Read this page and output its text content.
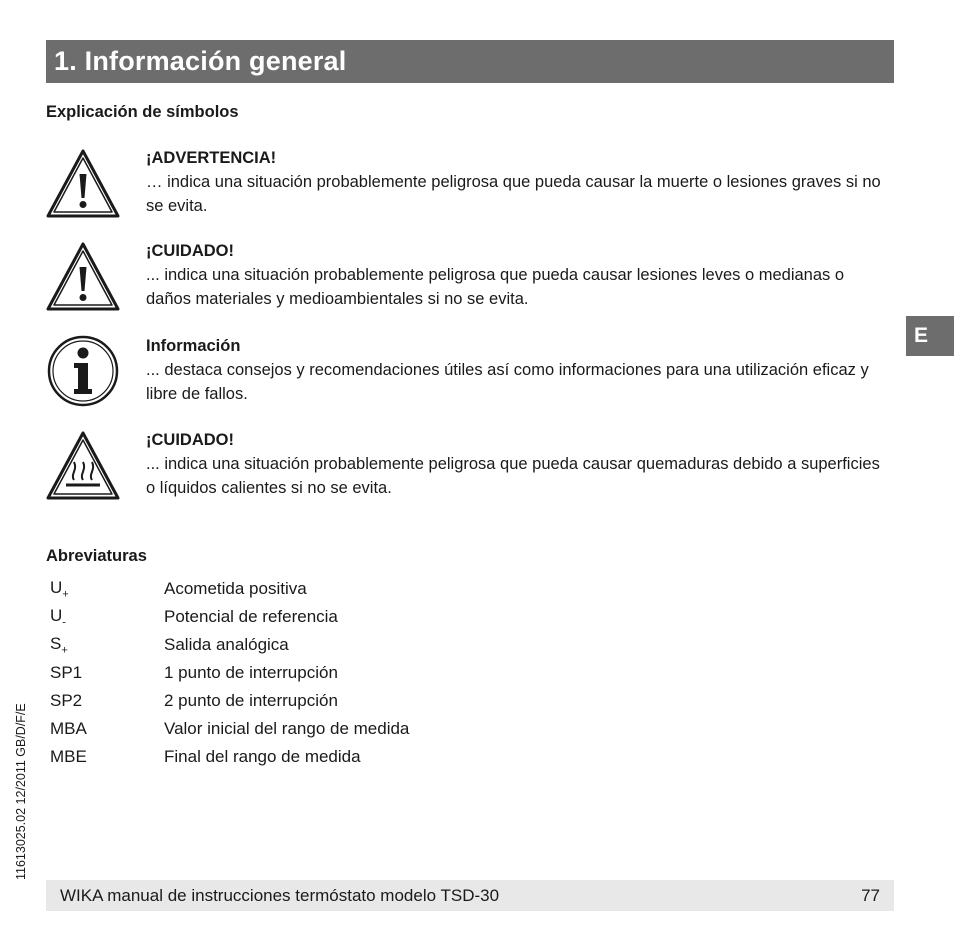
1. Información general
Explicación de símbolos
¡ADVERTENCIA!
… indica una situación probablemente peligrosa que pueda causar la muerte o lesiones graves si no se evita.
¡CUIDADO!
... indica una situación probablemente peligrosa que pueda causar lesiones leves o medianas o daños materiales y medioambientales si no se evita.
Información
... destaca consejos y recomendaciones útiles así como informaciones para una utilización eficaz y libre de fallos.
¡CUIDADO!
... indica una situación probablemente peligrosa que pueda causar quemaduras debido a superficies o líquidos calientes si no se evita.
Abreviaturas
$U_+$	Acometida positiva
$U_-$	Potencial de referencia
$S_+$	Salida analógica
SP1	1 punto de interrupción
SP2	2 punto de interrupción
MBA	Valor inicial del rango de medida
MBE	Final del rango de medida
E
11613025.02 12/2011 GB/D/F/E
WIKA manual de instrucciones termóstato modelo TSD-30	77
